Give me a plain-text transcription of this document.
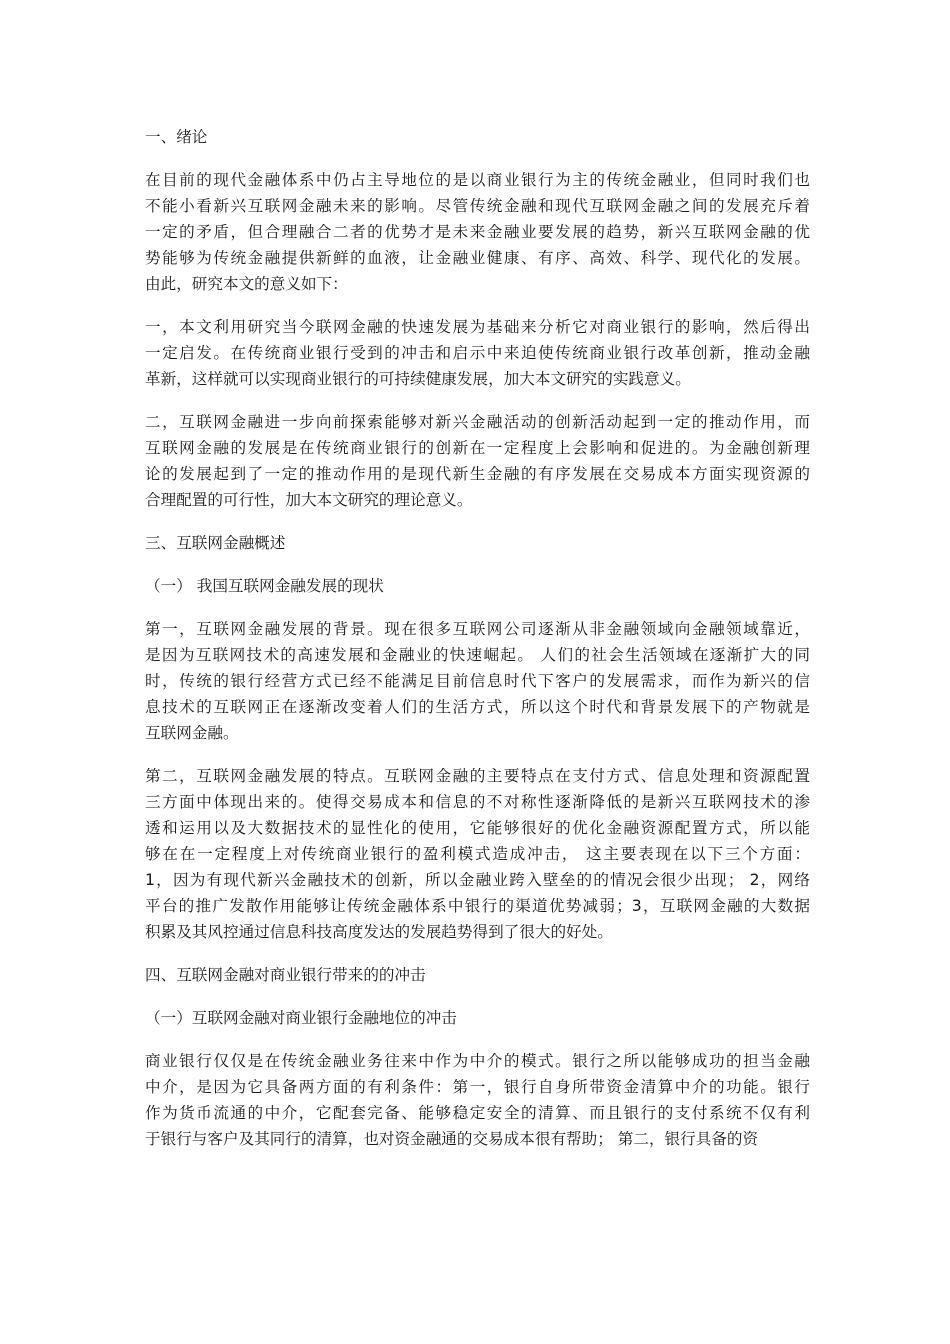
一、绪论
在目前的现代金融体系中仍占主导地位的是以商业银行为主的传统金融业，但同时我们也
不能小看新兴互联网金融未来的影响。尽管传统金融和现代互联网金融之间的发展充斥着
一定的矛盾，但合理融合二者的优势才是未来金融业要发展的趋势，新兴互联网金融的优
势能够为传统金融提供新鲜的血液，让金融业健康、有序、高效、科学、现代化的发展。
由此，研究本文的意义如下：
一，本文利用研究当今联网金融的快速发展为基础来分析它对商业银行的影响，然后得出
一定启发。在传统商业银行受到的冲击和启示中来迫使传统商业银行改革创新，推动金融
革新，这样就可以实现商业银行的可持续健康发展，加大本文研究的实践意义。
二，互联网金融进一步向前探索能够对新兴金融活动的创新活动起到一定的推动作用，而
互联网金融的发展是在传统商业银行的创新在一定程度上会影响和促进的。为金融创新理
论的发展起到了一定的推动作用的是现代新生金融的有序发展在交易成本方面实现资源的
合理配置的可行性，加大本文研究的理论意义。
三、互联网金融概述
（一） 我国互联网金融发展的现状
第一，互联网金融发展的背景。现在很多互联网公司逐渐从非金融领域向金融领域靠近，
是因为互联网技术的高速发展和金融业的快速崛起。 人们的社会生活领域在逐渐扩大的同
时，传统的银行经营方式已经不能满足目前信息时代下客户的发展需求，而作为新兴的信
息技术的互联网正在逐渐改变着人们的生活方式，所以这个时代和背景发展下的产物就是
互联网金融。
第二，互联网金融发展的特点。互联网金融的主要特点在支付方式、信息处理和资源配置
三方面中体现出来的。使得交易成本和信息的不对称性逐渐降低的是新兴互联网技术的渗
透和运用以及大数据技术的显性化的使用，它能够很好的优化金融资源配置方式，所以能
够在在一定程度上对传统商业银行的盈利模式造成冲击， 这主要表现在以下三个方面：
1，因为有现代新兴金融技术的创新，所以金融业跨入壁垒的的情况会很少出现； 2，网络
平台的推广发散作用能够让传统金融体系中银行的渠道优势减弱；3，互联网金融的大数据
积累及其风控通过信息科技高度发达的发展趋势得到了很大的好处。
四、互联网金融对商业银行带来的的冲击
（一）互联网金融对商业银行金融地位的冲击
商业银行仅仅是在传统金融业务往来中作为中介的模式。银行之所以能够成功的担当金融
中介，是因为它具备两方面的有利条件：第一，银行自身所带资金清算中介的功能。银行
作为货币流通的中介，它配套完备、能够稳定安全的清算、而且银行的支付系统不仅有利
于银行与客户及其同行的清算，也对资金融通的交易成本很有帮助； 第二，银行具备的资
